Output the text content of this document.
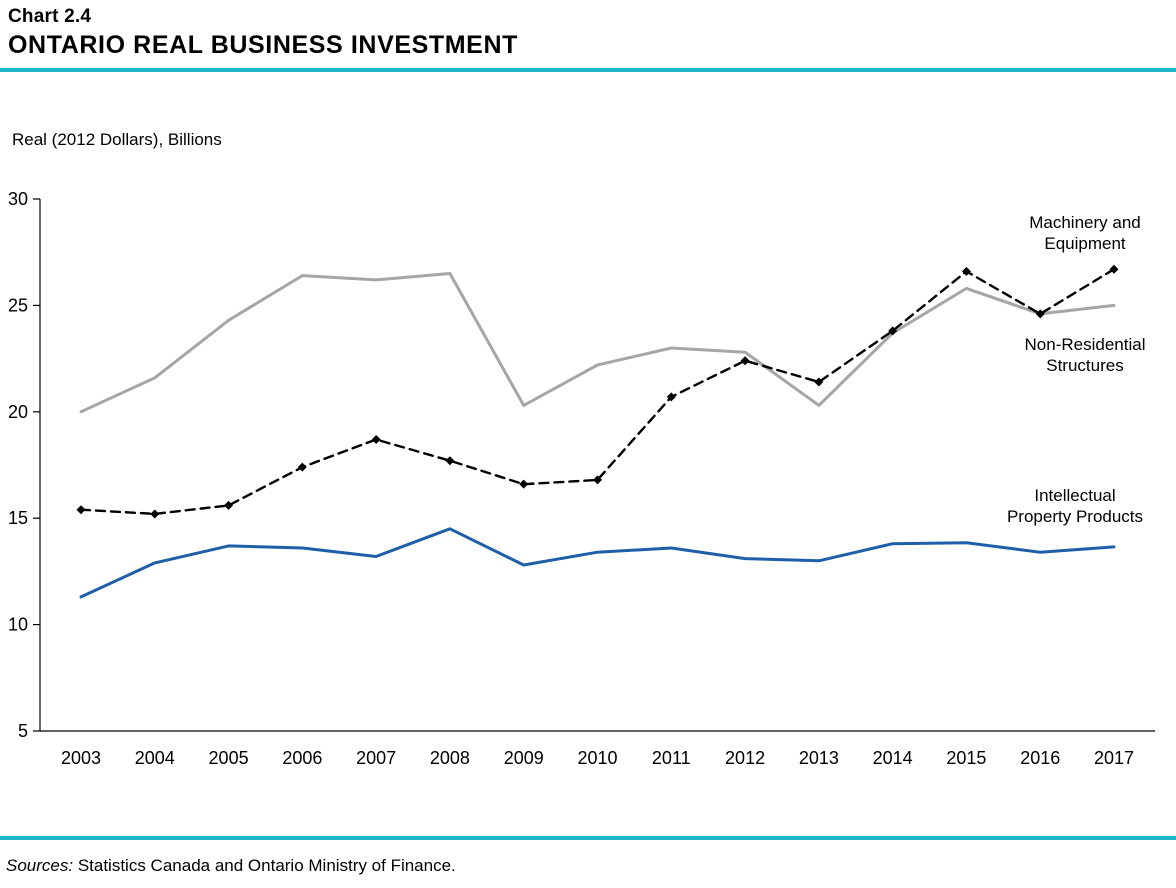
Chart 2.4
ONTARIO REAL BUSINESS INVESTMENT
Real (2012 Dollars), Billions
5
10
15
20
25
30
2003 2004 2005 2006 2007 2008 2009 2010 2011 2012 2013 2014 2015 2016 2017
Machinery and
Equipment
Non-Residential
Structures
Intellectual
Property Products
Sources: Statistics Canada and Ontario Ministry of Finance.
